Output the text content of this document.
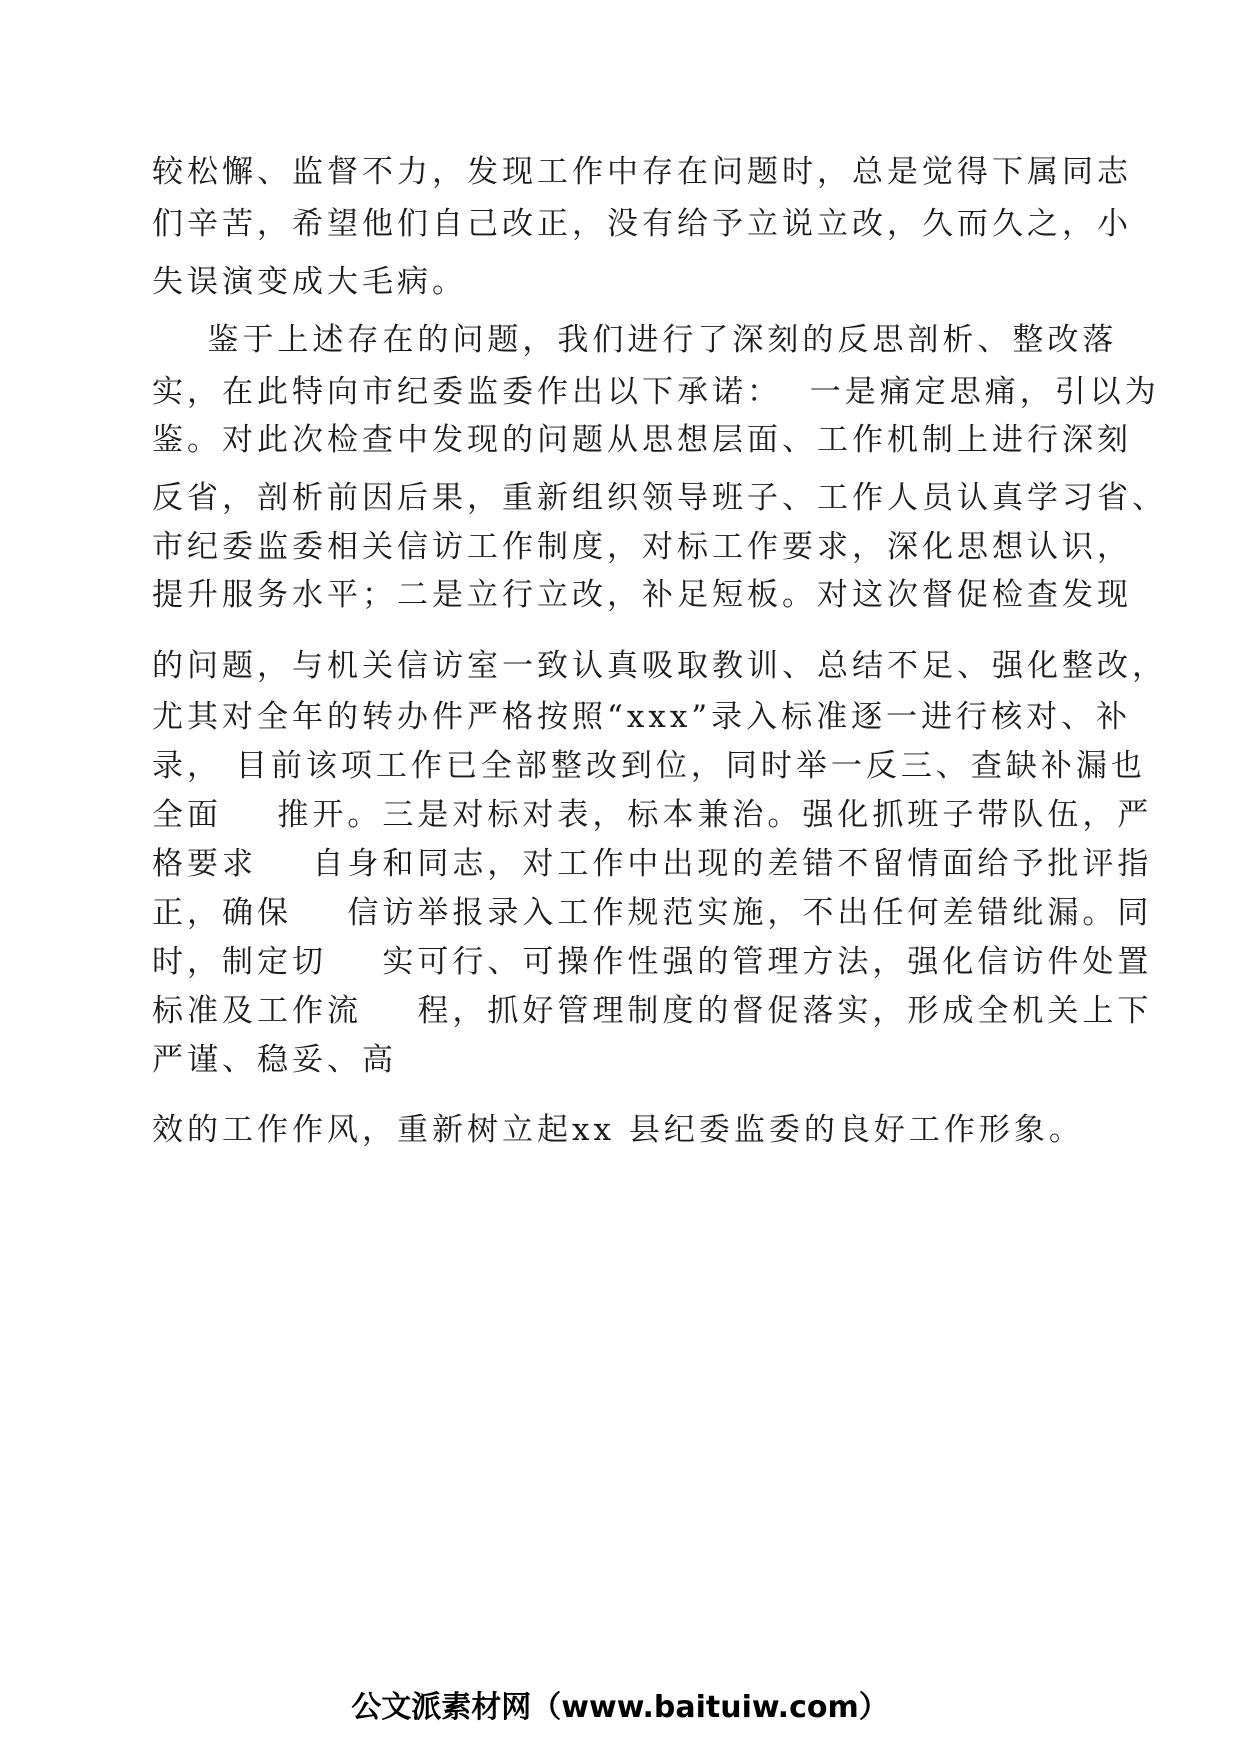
较松懈、监督不力，发现工作中存在问题时，总是觉得下属同志
们辛苦，希望他们自己改正，没有给予立说立改，久而久之，小
失误演变成大毛病。
鉴于上述存在的问题，我们进行了深刻的反思剖析、整改落
实，在此特向市纪委监委作出以下承诺：  一是痛定思痛，引以为
鉴。对此次检查中发现的问题从思想层面、工作机制上进行深刻
反省，剖析前因后果，重新组织领导班子、工作人员认真学习省、
市纪委监委相关信访工作制度，对标工作要求，深化思想认识，
提升服务水平；二是立行立改，补足短板。对这次督促检查发现
的问题，与机关信访室一致认真吸取教训、总结不足、强化整改，
尤其对全年的转办件严格按照“xxx”录入标准逐一进行核对、补
录， 目前该项工作已全部整改到位，同时举一反三、查缺补漏也
全面    推开。三是对标对表，标本兼治。强化抓班子带队伍，严
格要求    自身和同志，对工作中出现的差错不留情面给予批评指
正，确保    信访举报录入工作规范实施，不出任何差错纰漏。同
时，制定切    实可行、可操作性强的管理方法，强化信访件处置
标准及工作流    程，抓好管理制度的督促落实，形成全机关上下
严谨、稳妥、高
效的工作作风，重新树立起xx 县纪委监委的良好工作形象。
公文派素材网（www.baituiw.com）
